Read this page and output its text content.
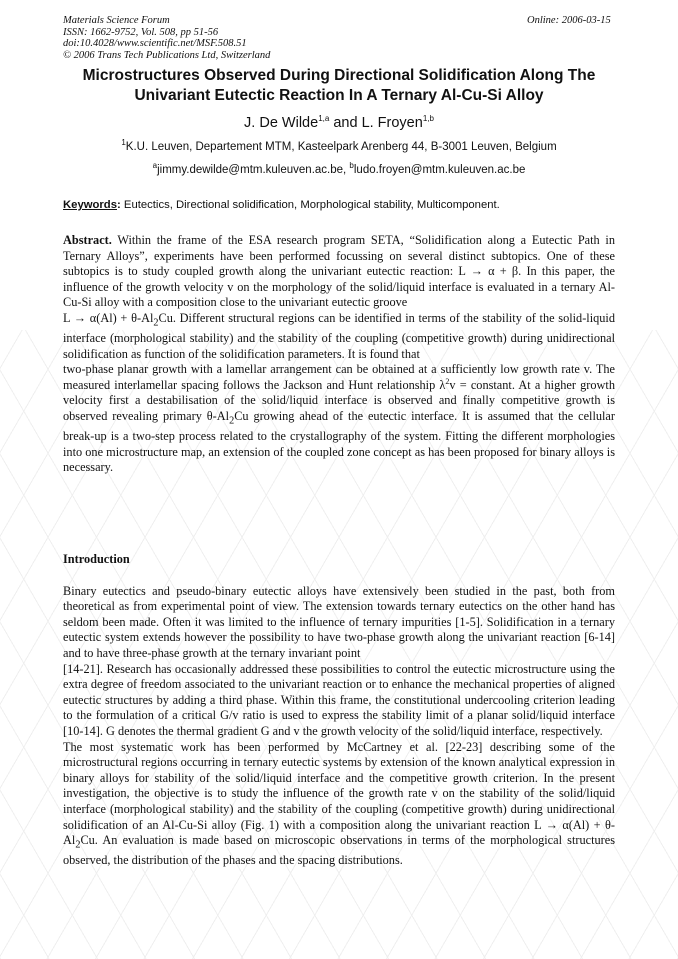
Materials Science Forum
ISSN: 1662-9752, Vol. 508, pp 51-56
doi:10.4028/www.scientific.net/MSF.508.51
© 2006 Trans Tech Publications Ltd, Switzerland
Online: 2006-03-15
Microstructures Observed During Directional Solidification Along The Univariant Eutectic Reaction In A Ternary Al-Cu-Si Alloy
J. De Wilde$^{1,a}$ and L. Froyen$^{1,b}$
$^1$K.U. Leuven, Departement MTM, Kasteelpark Arenberg 44, B-3001 Leuven, Belgium
$^a$jimmy.dewilde@mtm.kuleuven.ac.be, $^b$ludo.froyen@mtm.kuleuven.ac.be
Keywords: Eutectics, Directional solidification, Morphological stability, Multicomponent.

Abstract. Within the frame of the ESA research program SETA, “Solidification along a Eutectic Path in Ternary Alloys”, experiments have been performed focussing on several distinct subtopics. One of these subtopics is to study coupled growth along the univariant eutectic reaction: L → α + β. In this paper, the influence of the growth velocity v on the morphology of the solid/liquid interface is evaluated in a ternary Al-Cu-Si alloy with a composition close to the univariant eutectic groove

$L \to \alpha(Al) + \theta-Al_2Cu$. Different structural regions can be identified in terms of the stability of the solid-liquid interface (morphological stability) and the stability of the coupling (competitive growth) during unidirectional solidification as function of the solidification parameters. It is found that

two-phase planar growth with a lamellar arrangement can be obtained at a sufficiently low growth rate v. The measured interlamellar spacing follows the Jackson and Hunt relationship $\lambda^2v$ = constant. At a higher growth velocity first a destabilisation of the solid/liquid interface is observed and finally competitive growth is observed revealing primary $\theta-Al_2Cu$ growing ahead of the eutectic interface. It is assumed that the cellular break-up is a two-step process related to the crystallography of the system. Fitting the different morphologies into one microstructure map, an extension of the coupled zone concept as has been proposed for binary alloys is necessary.

Introduction

Binary eutectics and pseudo-binary eutectic alloys have extensively been studied in the past, both from theoretical as from experimental point of view. The extension towards ternary eutectics on the other hand has seldom been made. Often it was limited to the influence of ternary impurities [1-5]. Solidification in a ternary eutectic system extends however the possibility to have two-phase growth along the univariant reaction [6-14] and to have three-phase growth at the ternary invariant point

[14-21]. Research has occasionally addressed these possibilities to control the eutectic microstructure using the extra degree of freedom associated to the univariant reaction or to enhance the mechanical properties of aligned eutectic structures by adding a third phase. Within this frame, the constitutional undercooling criterion leading to the formulation of a critical G/v ratio is used to express the stability limit of a planar solid/liquid interface [10-14]. G denotes the thermal gradient G and v the growth velocity of the solid/liquid interface, respectively.

The most systematic work has been performed by McCartney et al. [22-23] describing some of the microstructural regions occurring in ternary eutectic systems by extension of the known analytical expression in binary alloys for stability of the solid/liquid interface and the competitive growth criterion. In the present investigation, the objective is to study the influence of the growth rate v on the stability of the solid/liquid interface (morphological stability) and the stability of the coupling (competitive growth) during unidirectional solidification of an Al-Cu-Si alloy (Fig. 1) with a composition along the univariant reaction $L \to \alpha(Al) + \theta-Al_2Cu$. An evaluation is made based on microscopic observations in terms of the morphological structures observed, the distribution of the phases and the spacing distributions.
